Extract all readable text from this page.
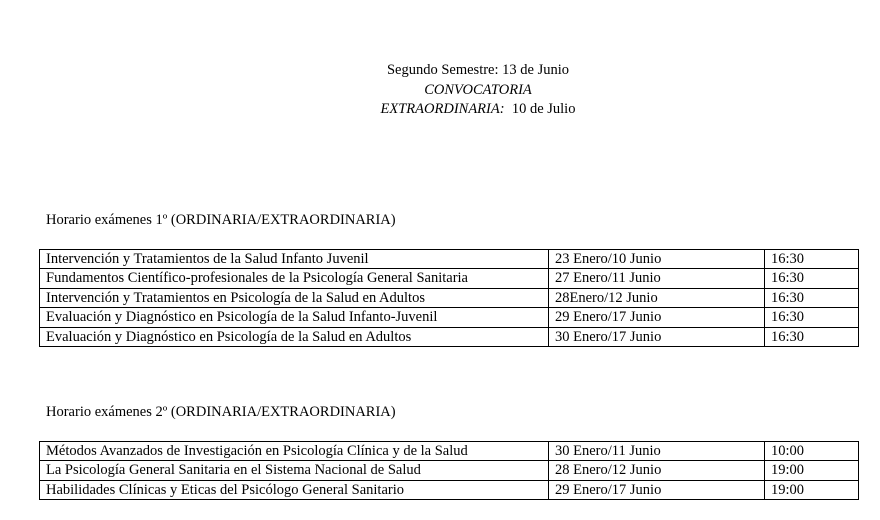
Segundo Semestre: 13 de Junio
CONVOCATORIA
EXTRAORDINARIA:  10 de Julio
Horario exámenes 1º (ORDINARIA/EXTRAORDINARIA)
Intervención y Tratamientos de la Salud Infanto Juvenil	23 Enero/10 Junio	16:30
Fundamentos Científico-profesionales de la Psicología General Sanitaria	27 Enero/11 Junio	16:30
Intervención y Tratamientos en Psicología de la Salud en Adultos	28Enero/12 Junio	16:30
Evaluación y Diagnóstico en Psicología de la Salud Infanto-Juvenil	29 Enero/17 Junio	16:30
Evaluación y Diagnóstico en Psicología de la Salud en Adultos	30 Enero/17 Junio	16:30
Horario exámenes 2º (ORDINARIA/EXTRAORDINARIA)
Métodos Avanzados de Investigación en Psicología Clínica y de la Salud	30 Enero/11 Junio	10:00
La Psicología General Sanitaria en el Sistema Nacional de Salud	28 Enero/12 Junio	19:00
Habilidades Clínicas y Eticas del Psicólogo General Sanitario	29 Enero/17 Junio	19:00
